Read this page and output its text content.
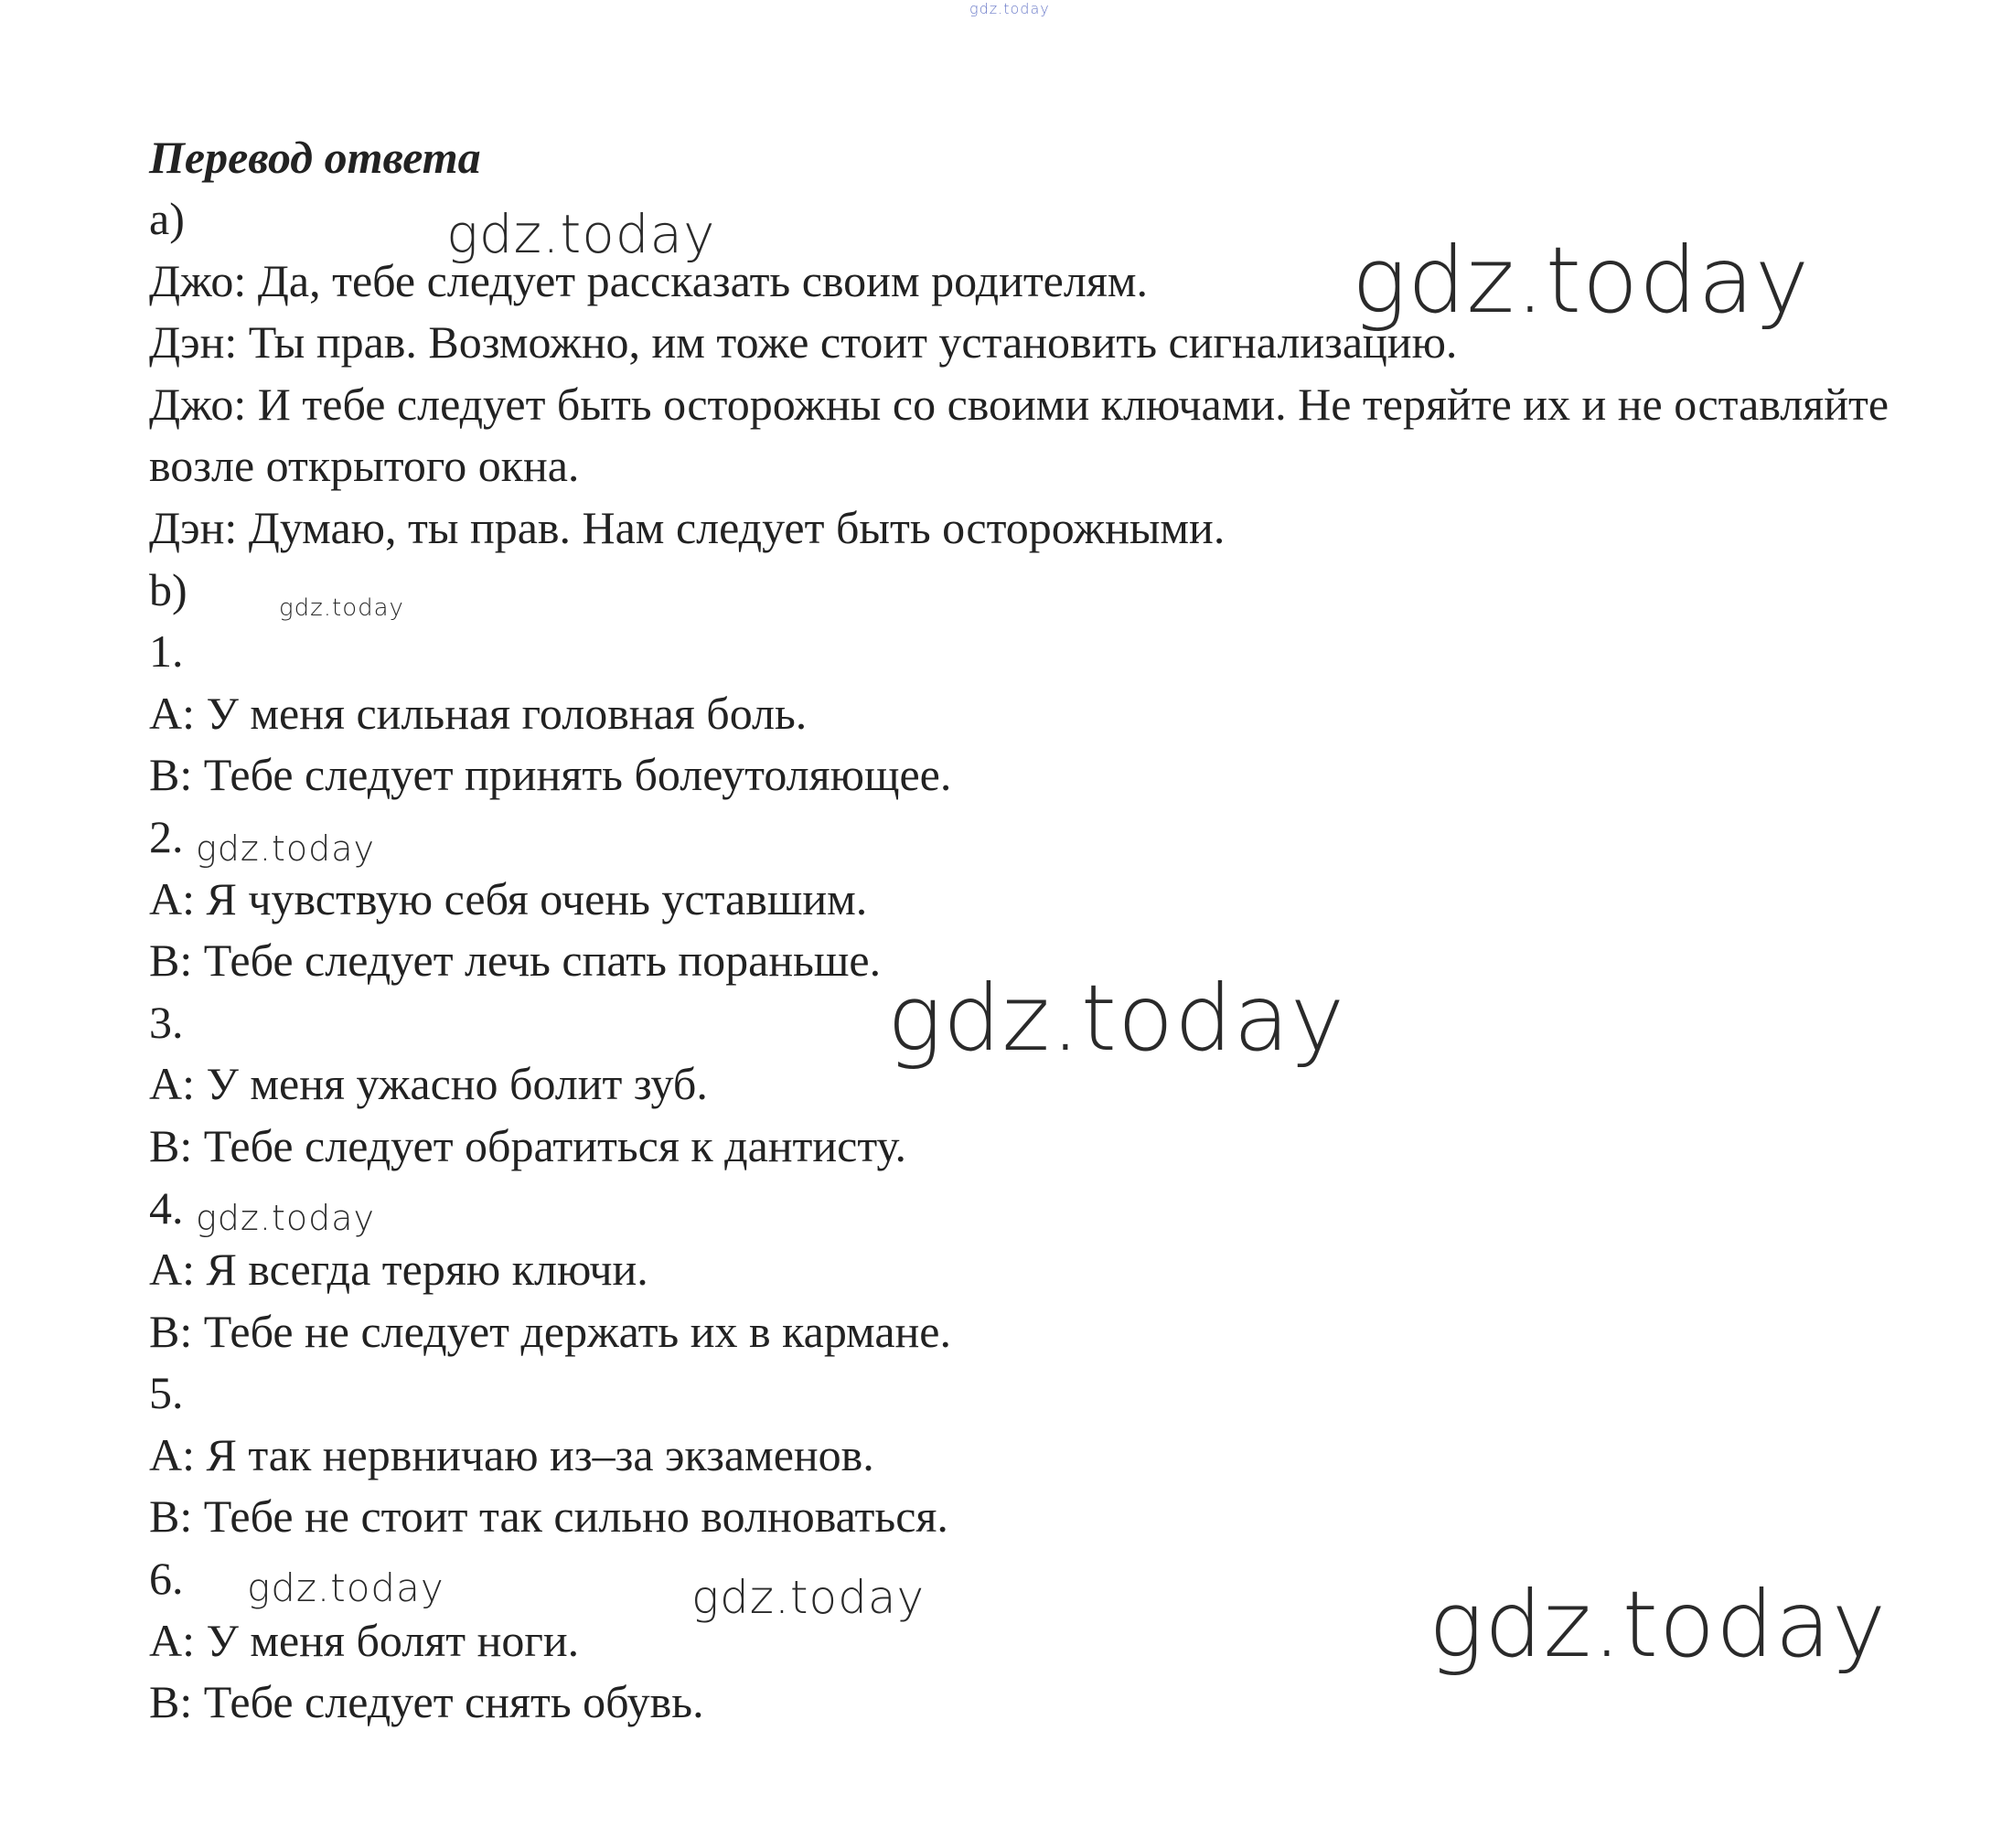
Перевод ответа
a)
Джо: Да, тебе следует рассказать своим родителям.
Дэн: Ты прав. Возможно, им тоже стоит установить сигнализацию.
Джо: И тебе следует быть осторожны со своими ключами. Не теряйте их и не оставляйте возле открытого окна.
Дэн: Думаю, ты прав. Нам следует быть осторожными.
b)
1.
A: У меня сильная головная боль.
B: Тебе следует принять болеутоляющее.
2.
A: Я чувствую себя очень уставшим.
B: Тебе следует лечь спать пораньше.
3.
A: У меня ужасно болит зуб.
B: Тебе следует обратиться к дантисту.
4.
A: Я всегда теряю ключи.
B: Тебе не следует держать их в кармане.
5.
A: Я так нервничаю из–за экзаменов.
B: Тебе не стоит так сильно волноваться.
6.
A: У меня болят ноги.
B: Тебе следует снять обувь.
gdz.today
gdz.today	gdz.today
gdz.today
gdz.today
gdz.today
gdz.today
gdz.today	gdz.today	gdz.today
